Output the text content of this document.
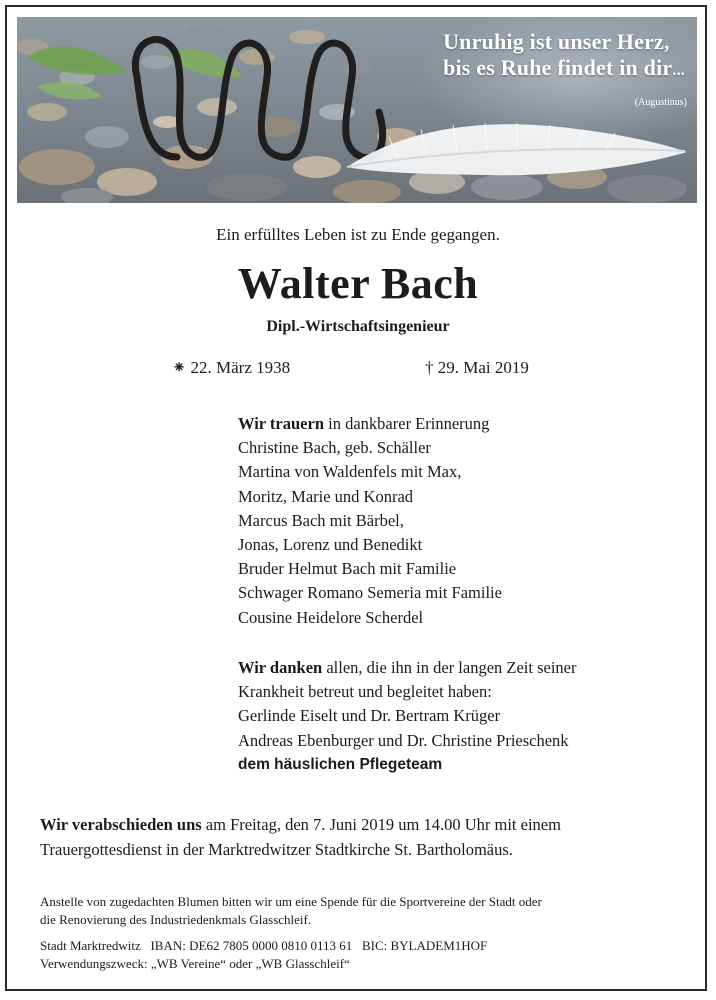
Unruhig ist unser Herz,
bis es Ruhe findet in dir...
(Augustinus)
Ein erfülltes Leben ist zu Ende gegangen.
Walter Bach
Dipl.-Wirtschaftsingenieur
⁕ 22. März 1938	† 29. Mai 2019
Wir trauern in dankbarer Erinnerung
Christine Bach, geb. Schäller
Martina von Waldenfels mit Max,
Moritz, Marie und Konrad
Marcus Bach mit Bärbel,
Jonas, Lorenz und Benedikt
Bruder Helmut Bach mit Familie
Schwager Romano Semeria mit Familie
Cousine Heidelore Scherdel
Wir danken allen, die ihn in der langen Zeit seiner
Krankheit betreut und begleitet haben:
Gerlinde Eiselt und Dr. Bertram Krüger
Andreas Ebenburger und Dr. Christine Prieschenk
dem häuslichen Pflegeteam
Wir verabschieden uns am Freitag, den 7. Juni 2019 um 14.00 Uhr mit einem
Trauergottesdienst in der Marktredwitzer Stadtkirche St. Bartholomäus.
Anstelle von zugedachten Blumen bitten wir um eine Spende für die Sportvereine der Stadt oder
die Renovierung des Industriedenkmals Glasschleif.
Stadt Marktredwitz   IBAN: DE62 7805 0000 0810 0113 61   BIC: BYLADEM1HOF
Verwendungszweck: „WB Vereine“ oder „WB Glasschleif“
